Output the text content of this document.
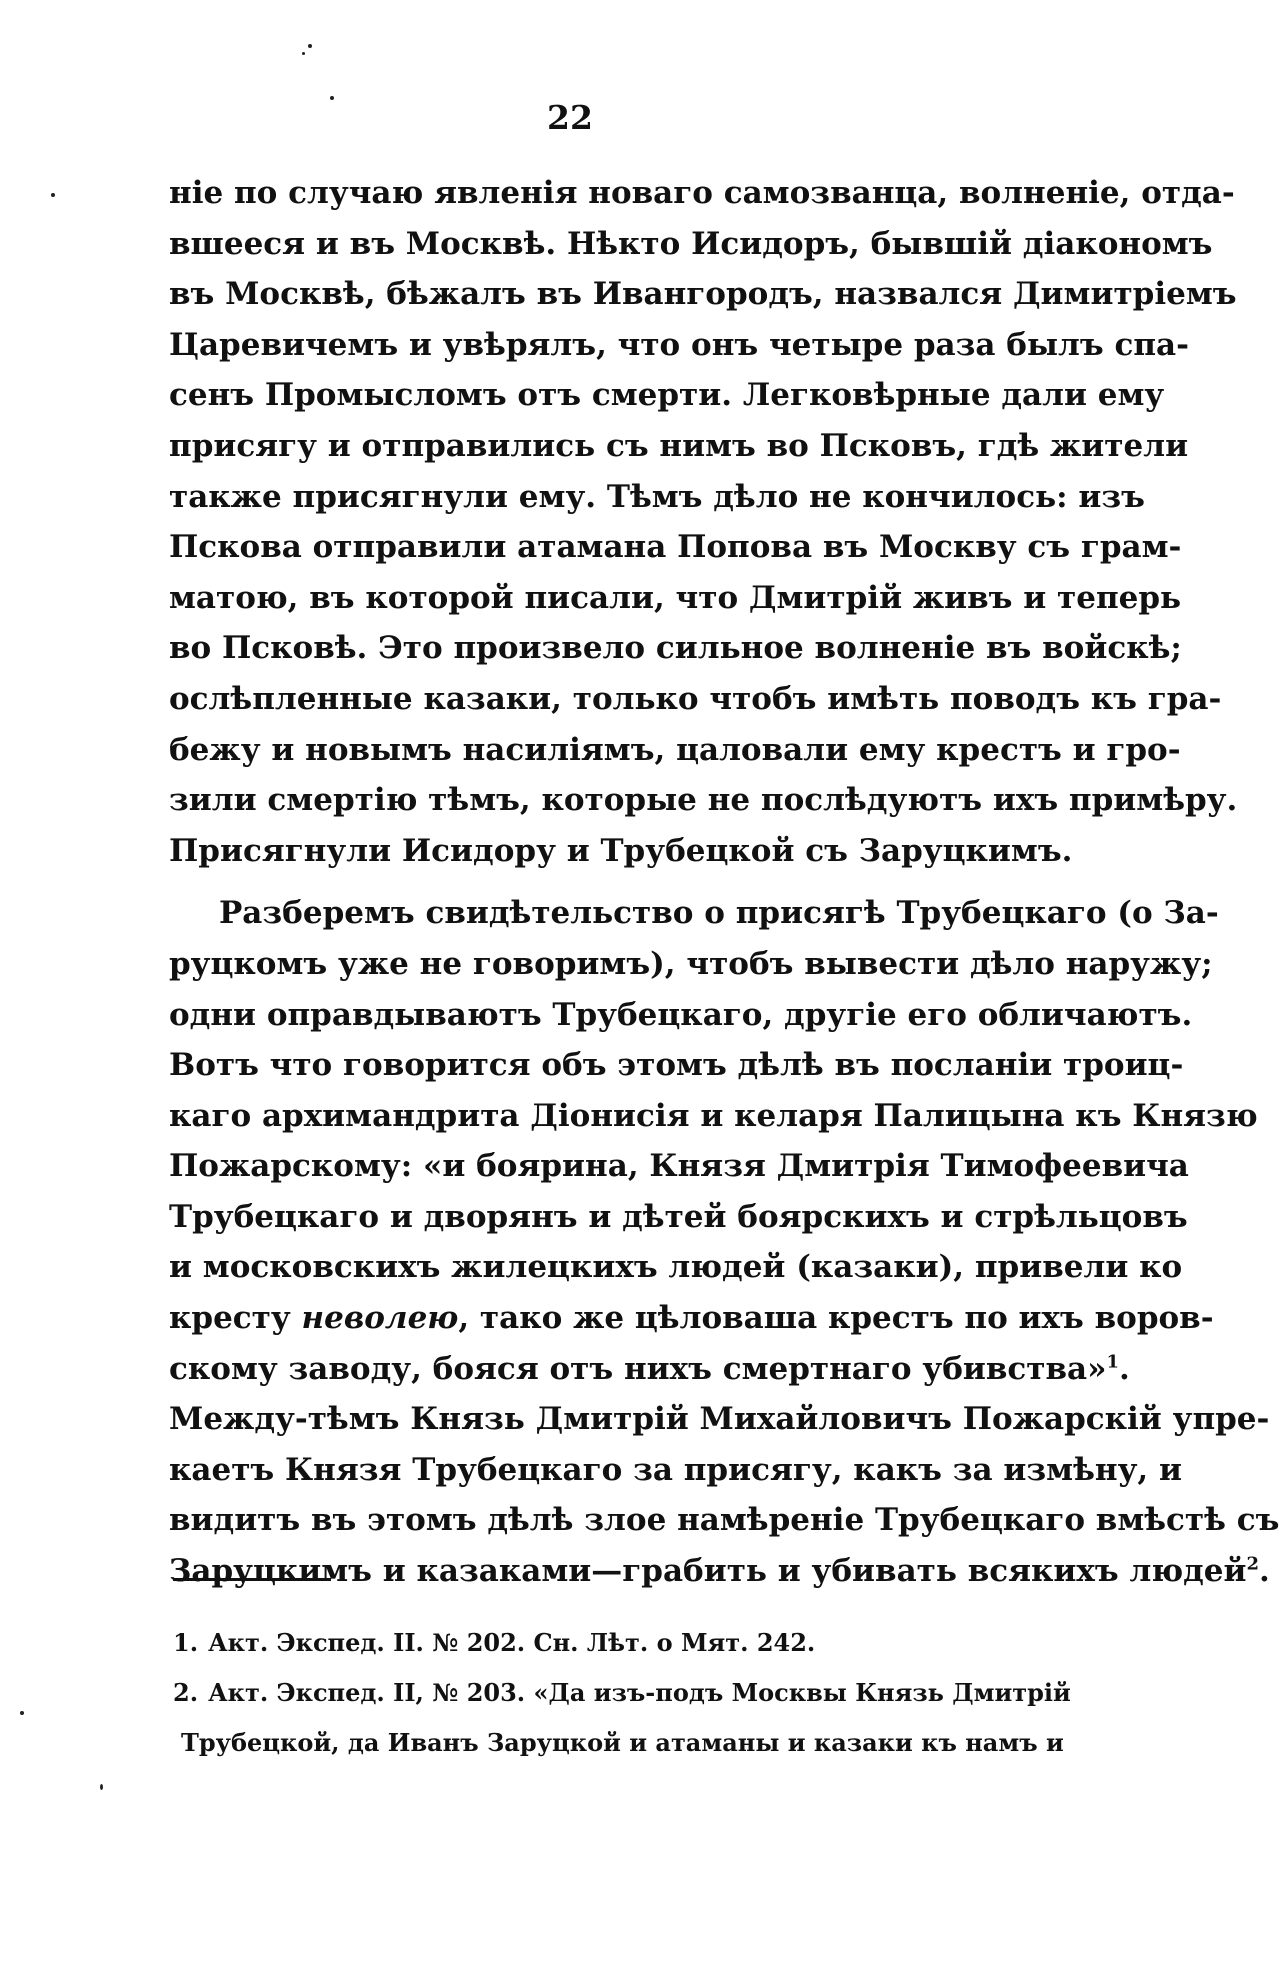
22
ніе по случаю явленія новаго самозванца, волненіе, отда-
вшееся и въ Москвѣ. Нѣкто Исидоръ, бывшій діакономъ
въ Москвѣ, бѣжалъ въ Ивангородъ, назвался Димитріемъ
Царевичемъ и увѣрялъ, что онъ четыре раза былъ спа-
сенъ Промысломъ отъ смерти. Легковѣрные дали ему
присягу и отправились съ нимъ во Псковъ, гдѣ жители
также присягнули ему. Тѣмъ дѣло не кончилось: изъ
Пскова отправили атамана Попова въ Москву съ грам-
матою, въ которой писали, что Дмитрій живъ и теперь
во Псковѣ. Это произвело сильное волненіе въ войскѣ;
ослѣпленные казаки, только чтобъ имѣть поводъ къ гра-
бежу и новымъ насиліямъ, цаловали ему крестъ и гро-
зили смертію тѣмъ, которые не послѣдуютъ ихъ примѣру.
Присягнули Исидору и Трубецкой съ Заруцкимъ.
Разберемъ свидѣтельство о присягѣ Трубецкаго (о За-
руцкомъ уже не говоримъ), чтобъ вывести дѣло наружу;
одни оправдываютъ Трубецкаго, другіе его обличаютъ.
Вотъ что говорится объ этомъ дѣлѣ въ посланіи троиц-
каго архимандрита Діонисія и келаря Палицына къ Князю
Пожарскому: «и боярина, Князя Дмитрія Тимофеевича
Трубецкаго и дворянъ и дѣтей боярскихъ и стрѣльцовъ
и московскихъ жилецкихъ людей (казаки), привели ко
кресту неволею, тако же цѣловаша крестъ по ихъ воров-
скому заводу, бояся отъ нихъ смертнаго убивства»$^1$.
Между-тѣмъ Князь Дмитрій Михайловичъ Пожарскій упре-
каетъ Князя Трубецкаго за присягу, какъ за измѣну, и
видитъ въ этомъ дѣлѣ злое намѣреніе Трубецкаго вмѣстѣ съ
Заруцкимъ и казаками—грабить и убивать всякихъ людей$^2$.
1. Акт. Экспед. II. № 202. Сн. Лѣт. о Мят. 242.
2. Акт. Экспед. II, № 203. «Да изъ-подъ Москвы Князь Дмитрій
Трубецкой, да Иванъ Заруцкой и атаманы и казаки къ намъ и
